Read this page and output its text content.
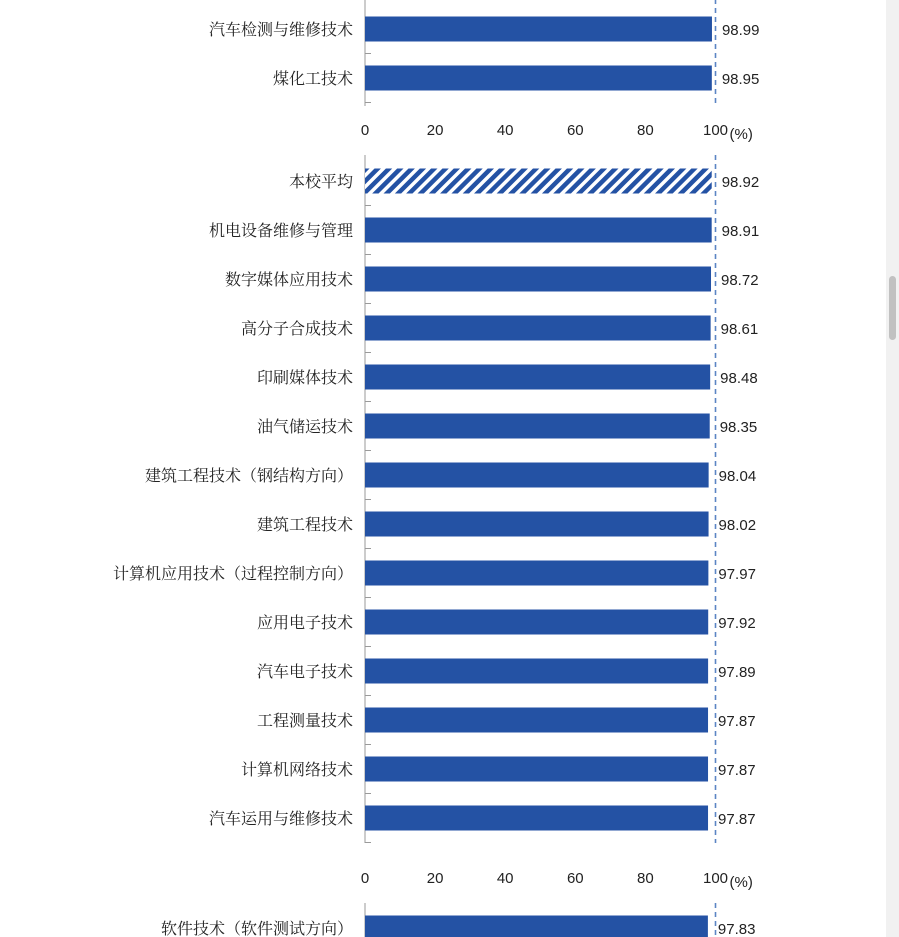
汽车检测与维修技术	98.99
煤化工技术	98.95
0	20	40	60	80	100 (%)
本校平均	98.92
机电设备维修与管理	98.91
数字媒体应用技术	98.72
高分子合成技术	98.61
印刷媒体技术	98.48
油气储运技术	98.35
建筑工程技术（钢结构方向）	98.04
建筑工程技术	98.02
计算机应用技术（过程控制方向）	97.97
应用电子技术	97.92
汽车电子技术	97.89
工程测量技术	97.87
计算机网络技术	97.87
汽车运用与维修技术	97.87
0	20	40	60	80	100 (%)
软件技术（软件测试方向）	97.83
